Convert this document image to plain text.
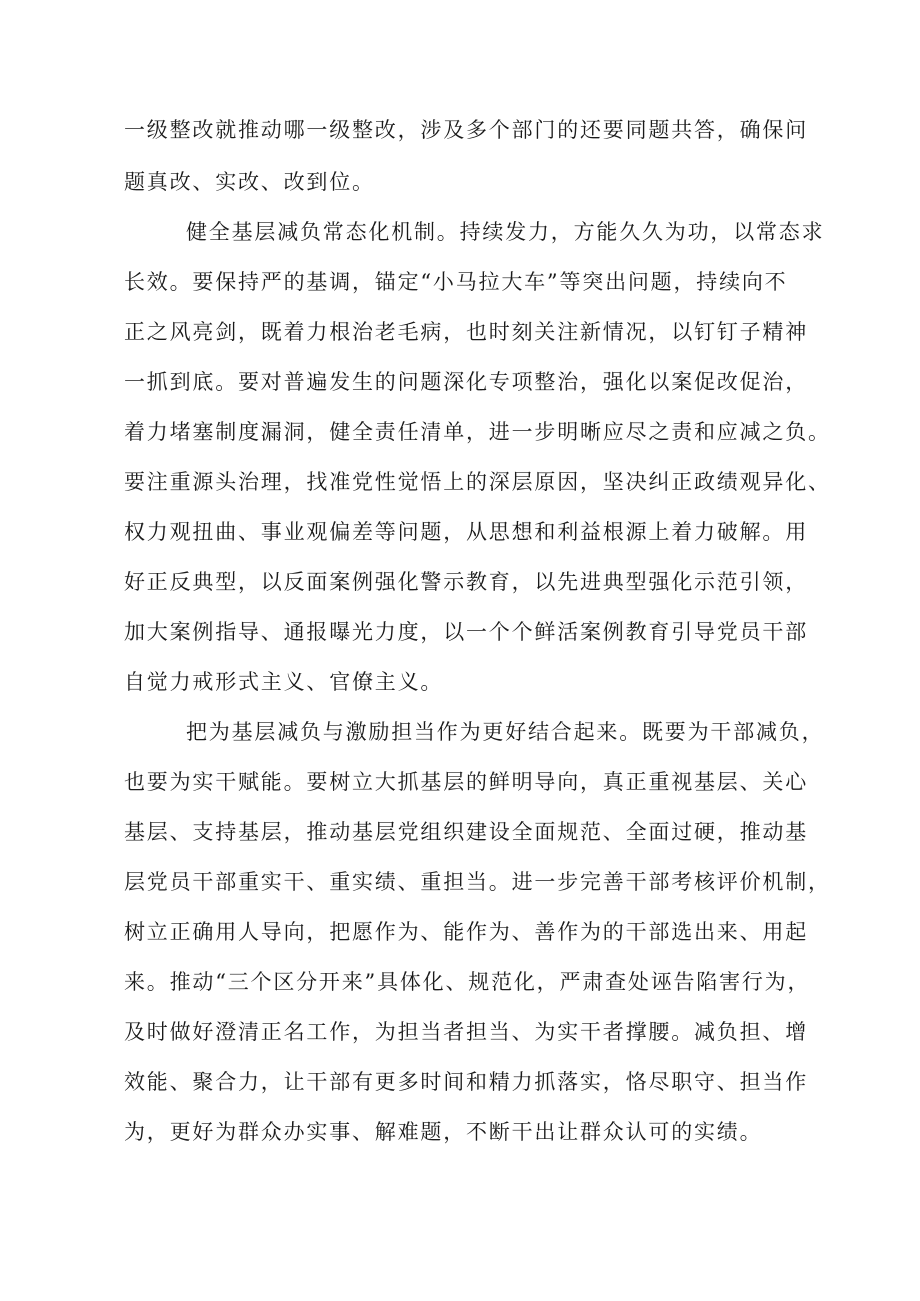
一级整改就推动哪一级整改，涉及多个部门的还要同题共答，确保问
题真改、实改、改到位。
健全基层减负常态化机制。持续发力，方能久久为功，以常态求
长效。要保持严的基调，锚定“小马拉大车”等突出问题，持续向不
正之风亮剑，既着力根治老毛病，也时刻关注新情况，以钉钉子精神
一抓到底。要对普遍发生的问题深化专项整治，强化以案促改促治，
着力堵塞制度漏洞，健全责任清单，进一步明晰应尽之责和应减之负。
要注重源头治理，找准党性觉悟上的深层原因，坚决纠正政绩观异化、
权力观扭曲、事业观偏差等问题，从思想和利益根源上着力破解。用
好正反典型，以反面案例强化警示教育，以先进典型强化示范引领，
加大案例指导、通报曝光力度，以一个个鲜活案例教育引导党员干部
自觉力戒形式主义、官僚主义。
把为基层减负与激励担当作为更好结合起来。既要为干部减负，
也要为实干赋能。要树立大抓基层的鲜明导向，真正重视基层、关心
基层、支持基层，推动基层党组织建设全面规范、全面过硬，推动基
层党员干部重实干、重实绩、重担当。进一步完善干部考核评价机制，
树立正确用人导向，把愿作为、能作为、善作为的干部选出来、用起
来。推动“三个区分开来”具体化、规范化，严肃查处诬告陷害行为，
及时做好澄清正名工作，为担当者担当、为实干者撑腰。减负担、增
效能、聚合力，让干部有更多时间和精力抓落实，恪尽职守、担当作
为，更好为群众办实事、解难题，不断干出让群众认可的实绩。
